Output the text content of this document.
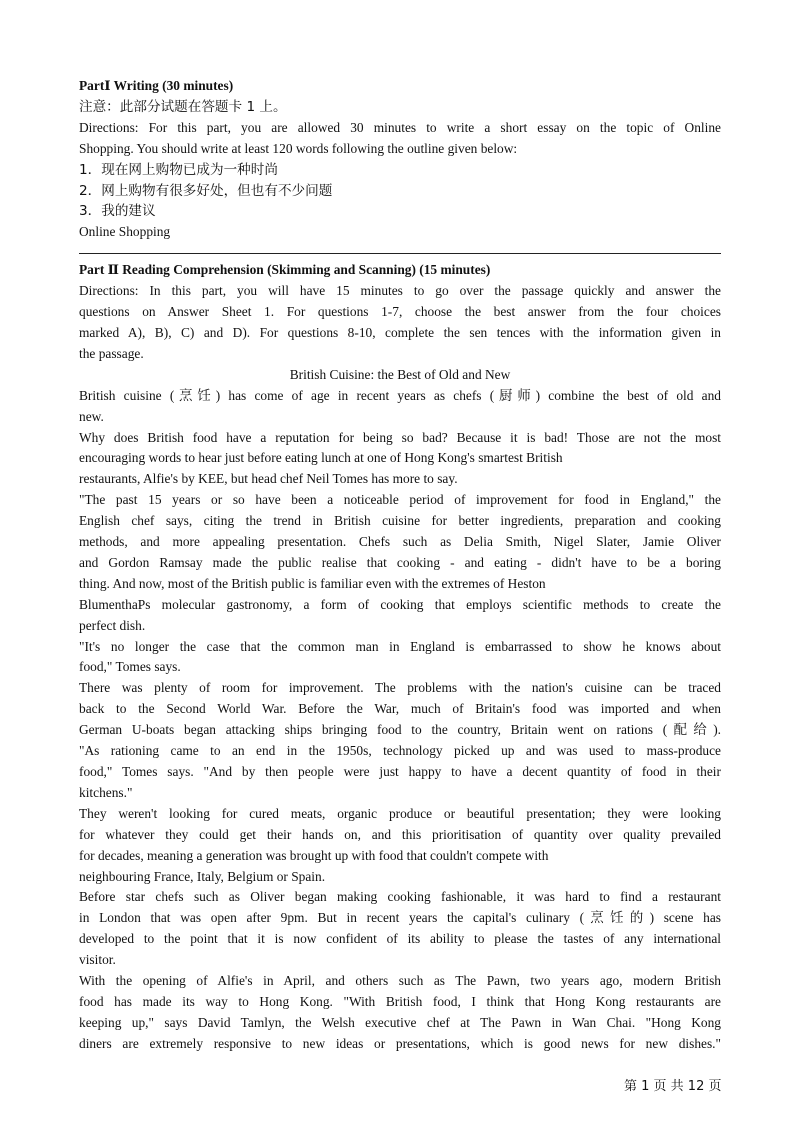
PartⅠ Writing (30 minutes)

注意：此部分试题在答题卡 1 上。

Directions: For this part, you are allowed 30 minutes to write a short essay on the topic of Online

Shopping. You should write at least 120 words following the outline given below:

1．现在网上购物已成为一种时尚

2．网上购物有很多好处，但也有不少问题

3．我的建议

Online Shopping

Part Ⅱ Reading Comprehension (Skimming and Scanning) (15 minutes)

Directions: In this part, you will have 15 minutes to go over the passage quickly and answer the

questions on Answer Sheet 1. For questions 1-7, choose the best answer from the four choices

marked A), B), C) and D). For questions 8-10, complete the sen tences with the information given in

the passage.

British Cuisine: the Best of Old and New

British cuisine (烹饪) has come of age in recent years as chefs (厨师) combine the best of old and

new.

Why does British food have a reputation for being so bad? Because it is bad! Those are not the most

encouraging words to hear just before eating lunch at one of Hong Kong's smartest British

restaurants, Alfie's by KEE, but head chef Neil Tomes has more to say.

"The past 15 years or so have been a noticeable period of improvement for food in England," the

English chef says, citing the trend in British cuisine for better ingredients, preparation and cooking

methods, and more appealing presentation. Chefs such as Delia Smith, Nigel Slater, Jamie Oliver

and Gordon Ramsay made the public realise that cooking - and eating - didn't have to be a boring

thing. And now, most of the British public is familiar even with the extremes of Heston

BlumenthaPs molecular gastronomy, a form of cooking that employs scientific methods to create the

perfect dish.

"It's no longer the case that the common man in England is embarrassed to show he knows about

food," Tomes says.

There was plenty of room for improvement. The problems with the nation's cuisine can be traced

back to the Second World War. Before the War, much of Britain's food was imported and when

German U-boats began attacking ships bringing food to the country, Britain went on rations (配给).

"As rationing came to an end in the 1950s, technology picked up and was used to mass-produce

food," Tomes says. "And by then people were just happy to have a decent quantity of food in their

kitchens."

They weren't looking for cured meats, organic produce or beautiful presentation; they were looking

for whatever they could get their hands on, and this prioritisation of quantity over quality prevailed

for decades, meaning a generation was brought up with food that couldn't compete with

neighbouring France, Italy, Belgium or Spain.

Before star chefs such as Oliver began making cooking fashionable, it was hard to find a restaurant

in London that was open after 9pm. But in recent years the capital's culinary (烹饪的) scene has

developed to the point that it is now confident of its ability to please the tastes of any international

visitor.

With the opening of Alfie's in April, and others such as The Pawn, two years ago, modern British

food has made its way to Hong Kong. "With British food, I think that Hong Kong restaurants are

keeping up," says David Tamlyn, the Welsh executive chef at The Pawn in Wan Chai. "Hong Kong

diners are extremely responsive to new ideas or presentations, which is good news for new dishes."

第 1 页 共 12 页
